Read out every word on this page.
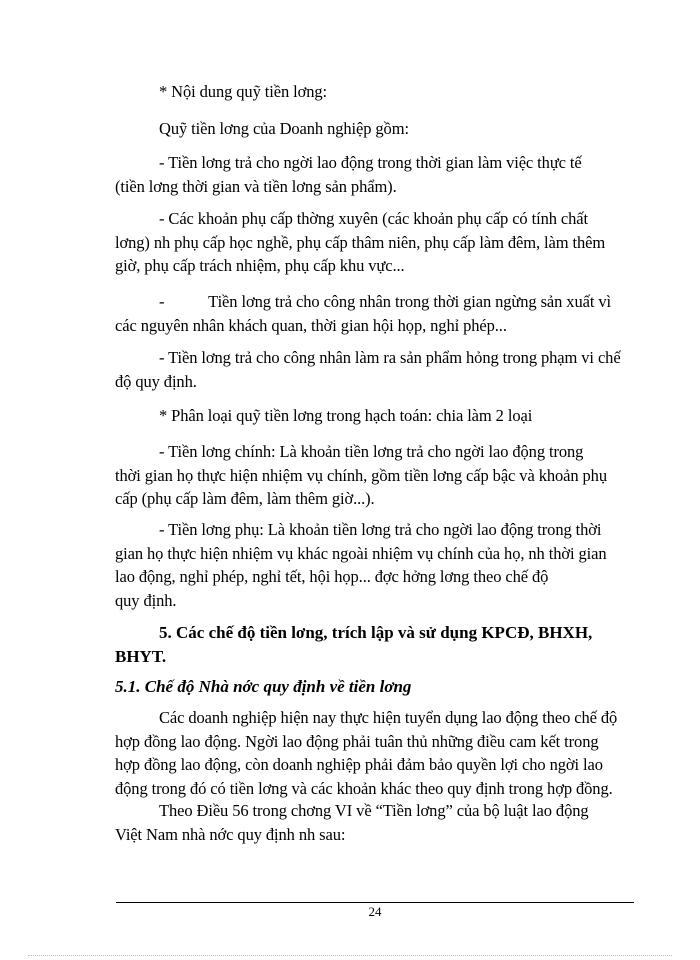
* Nội dung quỹ tiền lơng:
Quỹ tiền lơng của Doanh nghiệp gồm:
- Tiền lơng trả cho ngời lao động trong thời gian làm việc thực tế
(tiền lơng thời gian và tiền lơng sản phẩm).
- Các khoản phụ cấp thờng xuyên (các khoản phụ cấp có tính chất
lơng) nh phụ cấp học nghề, phụ cấp thâm niên, phụ cấp làm đêm, làm thêm
giờ, phụ cấp trách nhiệm, phụ cấp khu vực...
-	Tiền lơng trả cho công nhân trong thời gian ngừng sản xuất vì
các nguyên nhân khách quan, thời gian hội họp, nghỉ phép...
- Tiền lơng trả cho công nhân làm ra sản phẩm hỏng trong phạm vi chế
độ quy định.
* Phân loại quỹ tiền lơng trong hạch toán: chia làm 2 loại
- Tiền lơng chính: Là khoản tiền lơng trả cho ngời lao động trong
thời gian họ thực hiện nhiệm vụ chính, gồm tiền lơng cấp bậc và khoản phụ
cấp (phụ cấp làm đêm, làm thêm giờ...).
- Tiền lơng phụ: Là khoản tiền lơng trả cho ngời lao động trong thời
gian họ thực hiện nhiệm vụ khác ngoài nhiệm vụ chính của họ, nh thời gian
lao động, nghỉ phép, nghỉ tết, hội họp... đợc hởng lơng theo chế độ
quy định.
5. Các chế độ tiền lơng, trích lập và sử dụng KPCĐ, BHXH,
BHYT.
5.1. Chế độ Nhà nớc quy định về tiền lơng
Các doanh nghiệp hiện nay thực hiện tuyển dụng lao động theo chế độ
hợp đồng lao động. Ngời lao động phải tuân thủ những điều cam kết trong
hợp đồng lao động, còn doanh nghiệp phải đảm bảo quyền lợi cho ngời lao
động trong đó có tiền lơng và các khoản khác theo quy định trong hợp đồng.
Theo Điều 56 trong chơng VI về “Tiền lơng” của bộ luật lao động
Việt Nam nhà nớc quy định nh sau:
24
